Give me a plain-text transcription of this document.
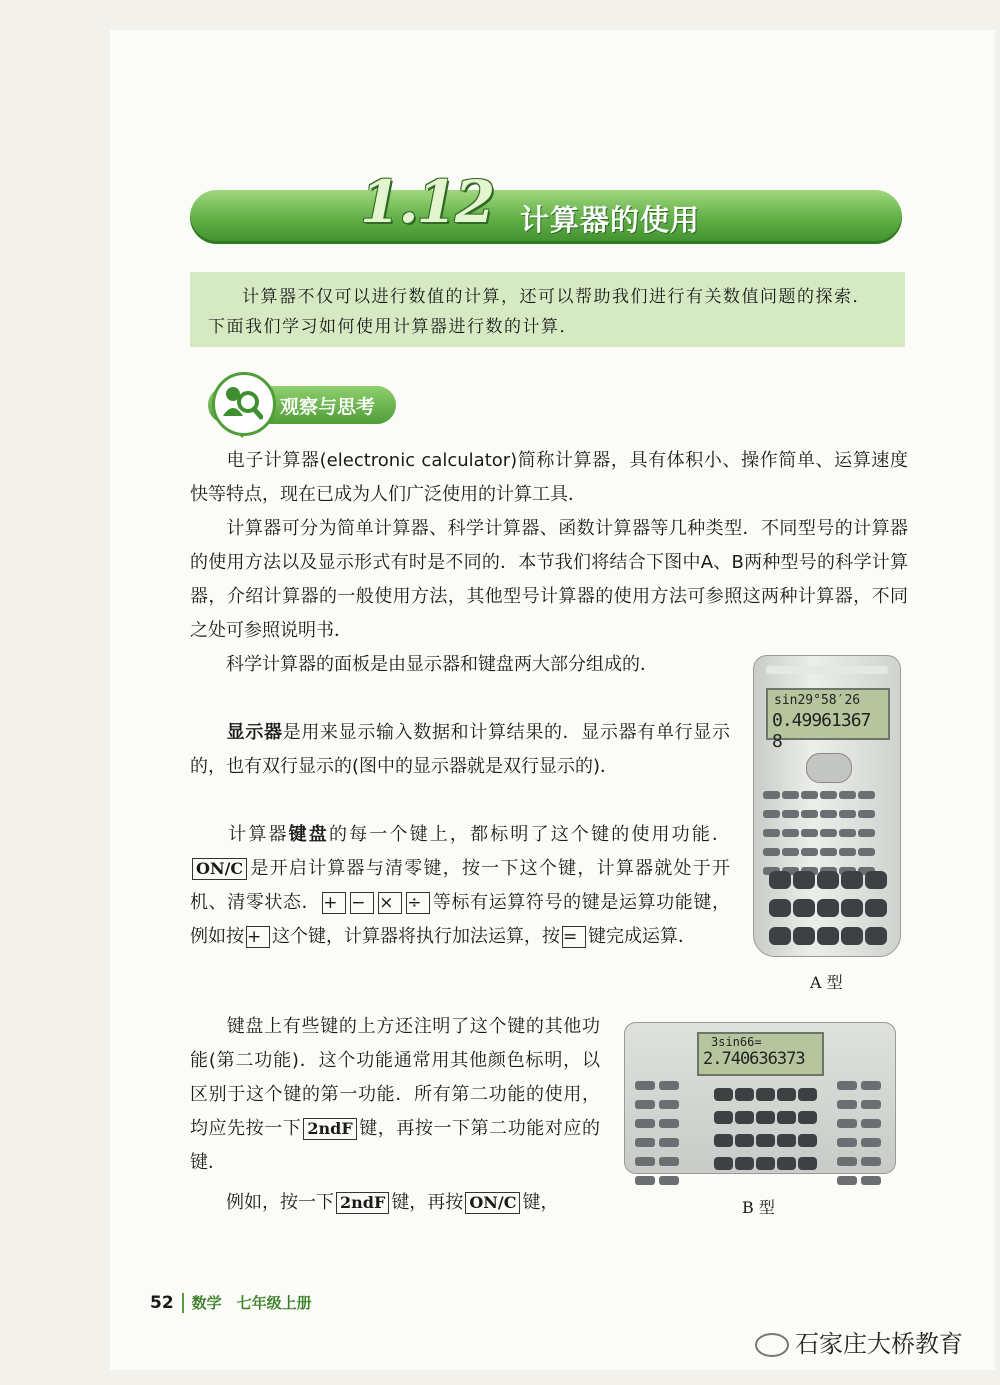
1.12 计算器的使用

计算器不仅可以进行数值的计算，还可以帮助我们进行有关数值问题的探索．下面我们学习如何使用计算器进行数的计算．

观察与思考

电子计算器(electronic calculator)简称计算器，具有体积小、操作简单、运算速度快等特点，现在已成为人们广泛使用的计算工具．

计算器可分为简单计算器、科学计算器、函数计算器等几种类型．不同型号的计算器的使用方法以及显示形式有时是不同的．本节我们将结合下图中A、B两种型号的科学计算器，介绍计算器的一般使用方法，其他型号计算器的使用方法可参照这两种计算器，不同之处可参照说明书．

科学计算器的面板是由显示器和键盘两大部分组成的．

显示器是用来显示输入数据和计算结果的．显示器有单行显示的，也有双行显示的(图中的显示器就是双行显示的)．

计算器键盘的每一个键上，都标明了这个键的使用功能．ON/C 是开启计算器与清零键，按一下这个键，计算器就处于开机、清零状态． + − × ÷ 等标有运算符号的键是运算功能键，例如按 + 这个键，计算器将执行加法运算，按 = 键完成运算．

键盘上有些键的上方还注明了这个键的其他功能(第二功能)．这个功能通常用其他颜色标明，以区别于这个键的第一功能．所有第二功能的使用，均应先按一下 2ndF 键，再按一下第二功能对应的键．

例如，按一下 2ndF 键，再按 ON/C 键，

sin29°58′26
0.49961367 8

A 型
3sin66=
2.740636373

B 型
52 数学　七年级上册
石家庄大桥教育
